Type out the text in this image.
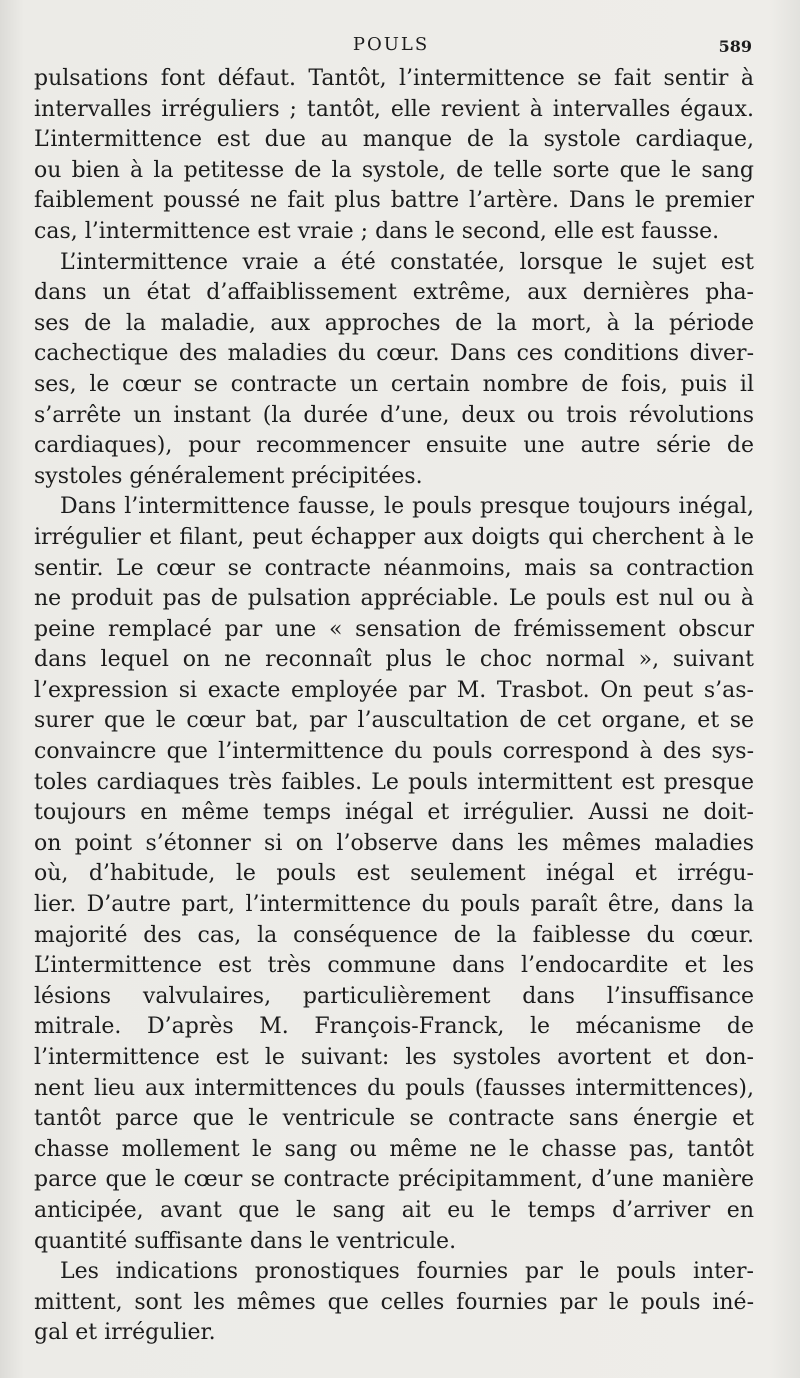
POULS	589
pulsations font défaut. Tantôt, l’intermittence se fait sentir à
intervalles irréguliers ; tantôt, elle revient à intervalles égaux.
L’intermittence est due au manque de la systole cardiaque,
ou bien à la petitesse de la systole, de telle sorte que le sang
faiblement poussé ne fait plus battre l’artère. Dans le premier
cas, l’intermittence est vraie ; dans le second, elle est fausse.
L’intermittence vraie a été constatée, lorsque le sujet est
dans un état d’affaiblissement extrême, aux dernières pha-
ses de la maladie, aux approches de la mort, à la période
cachectique des maladies du cœur. Dans ces conditions diver-
ses, le cœur se contracte un certain nombre de fois, puis il
s’arrête un instant (la durée d’une, deux ou trois révolutions
cardiaques), pour recommencer ensuite une autre série de
systoles généralement précipitées.
Dans l’intermittence fausse, le pouls presque toujours inégal,
irrégulier et filant, peut échapper aux doigts qui cherchent à le
sentir. Le cœur se contracte néanmoins, mais sa contraction
ne produit pas de pulsation appréciable. Le pouls est nul ou à
peine remplacé par une « sensation de frémissement obscur
dans lequel on ne reconnaît plus le choc normal », suivant
l’expression si exacte employée par M. Trasbot. On peut s’as-
surer que le cœur bat, par l’auscultation de cet organe, et se
convaincre que l’intermittence du pouls correspond à des sys-
toles cardiaques très faibles. Le pouls intermittent est presque
toujours en même temps inégal et irrégulier. Aussi ne doit-
on point s’étonner si on l’observe dans les mêmes maladies
où, d’habitude, le pouls est seulement inégal et irrégu-
lier. D’autre part, l’intermittence du pouls paraît être, dans la
majorité des cas, la conséquence de la faiblesse du cœur.
L’intermittence est très commune dans l’endocardite et les
lésions valvulaires, particulièrement dans l’insuffisance
mitrale. D’après M. François-Franck, le mécanisme de
l’intermittence est le suivant: les systoles avortent et don-
nent lieu aux intermittences du pouls (fausses intermittences),
tantôt parce que le ventricule se contracte sans énergie et
chasse mollement le sang ou même ne le chasse pas, tantôt
parce que le cœur se contracte précipitamment, d’une manière
anticipée, avant que le sang ait eu le temps d’arriver en
quantité suffisante dans le ventricule.
Les indications pronostiques fournies par le pouls inter-
mittent, sont les mêmes que celles fournies par le pouls iné-
gal et irrégulier.
